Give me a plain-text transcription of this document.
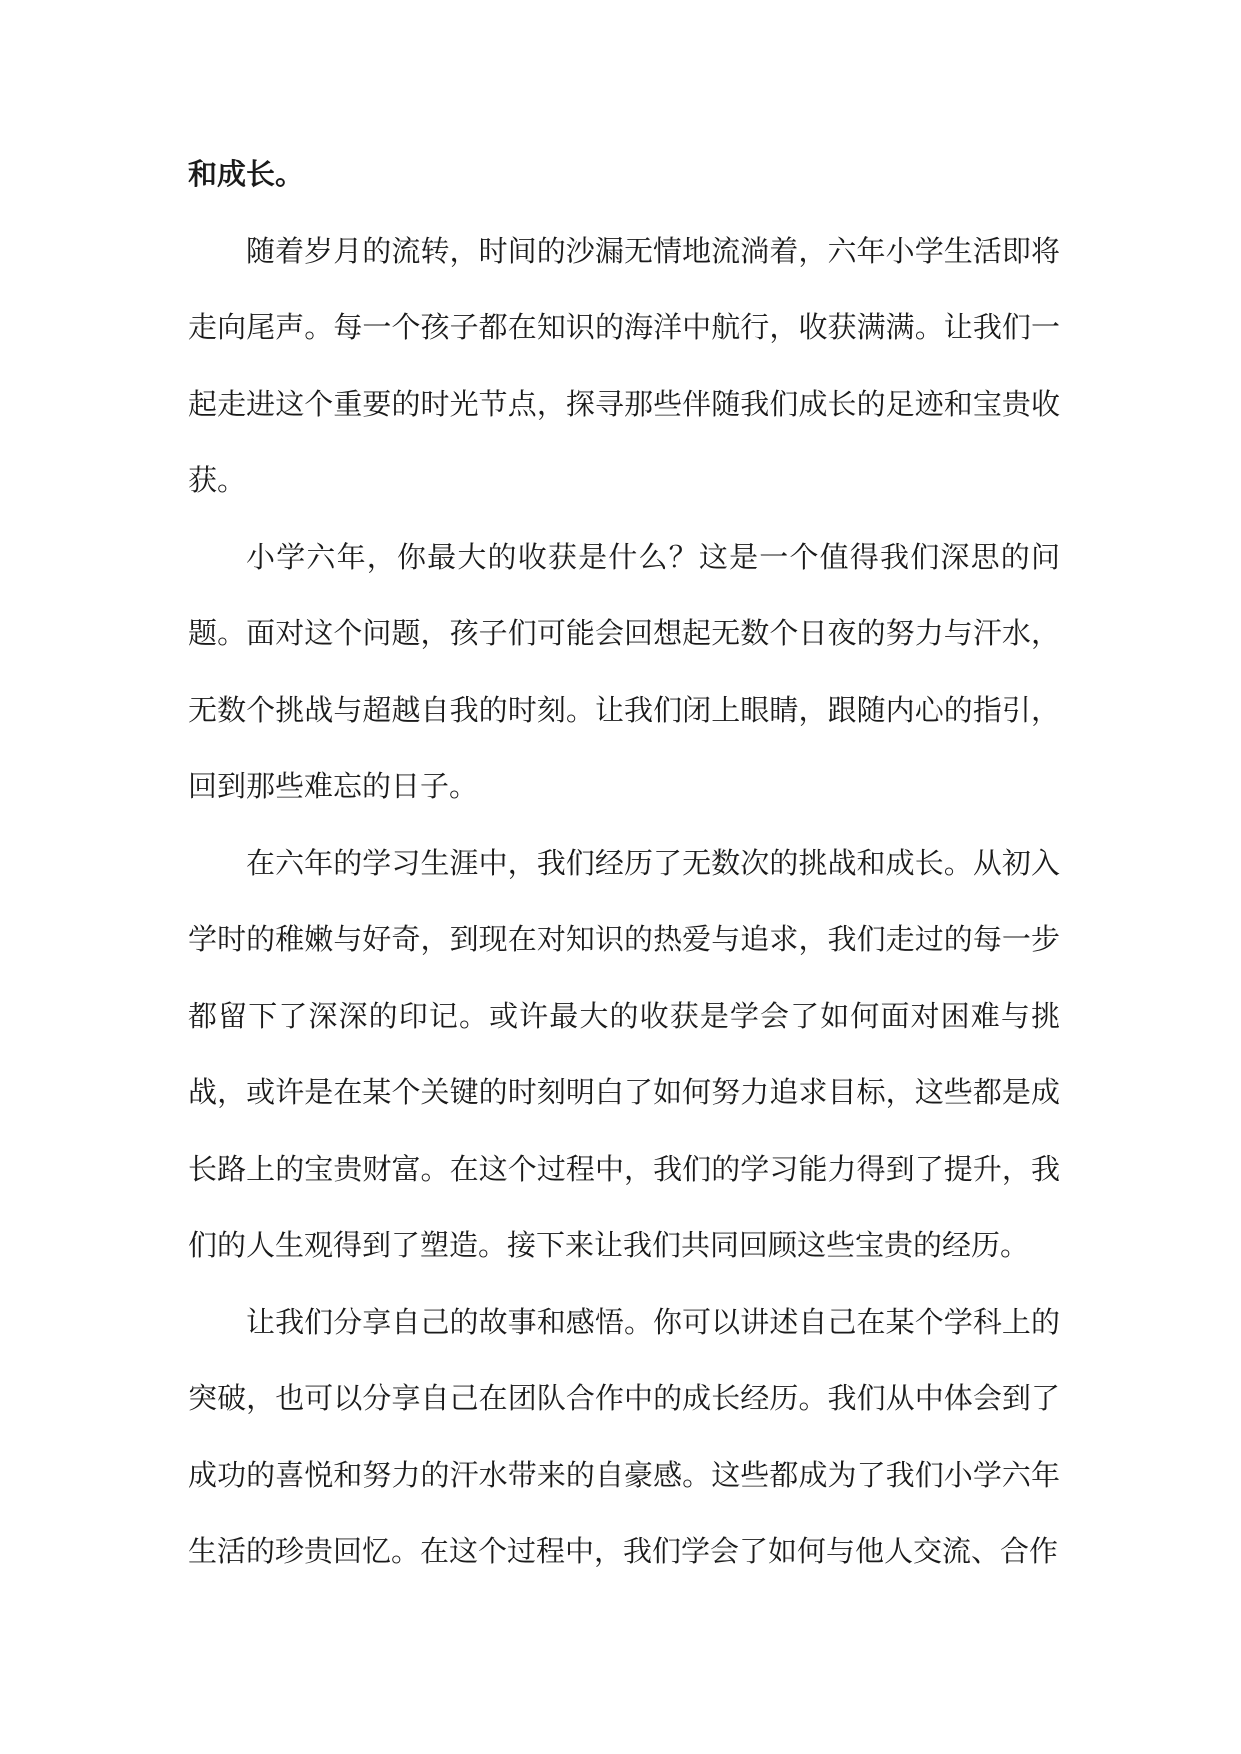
和成长。

随着岁月的流转，时间的沙漏无情地流淌着，六年小学生活即将走向尾声。每一个孩子都在知识的海洋中航行，收获满满。让我们一起走进这个重要的时光节点，探寻那些伴随我们成长的足迹和宝贵收获。

小学六年，你最大的收获是什么？这是一个值得我们深思的问题。面对这个问题，孩子们可能会回想起无数个日夜的努力与汗水，无数个挑战与超越自我的时刻。让我们闭上眼睛，跟随内心的指引，回到那些难忘的日子。

在六年的学习生涯中，我们经历了无数次的挑战和成长。从初入学时的稚嫩与好奇，到现在对知识的热爱与追求，我们走过的每一步都留下了深深的印记。或许最大的收获是学会了如何面对困难与挑战，或许是在某个关键的时刻明白了如何努力追求目标，这些都是成长路上的宝贵财富。在这个过程中，我们的学习能力得到了提升，我们的人生观得到了塑造。接下来让我们共同回顾这些宝贵的经历。

让我们分享自己的故事和感悟。你可以讲述自己在某个学科上的突破，也可以分享自己在团队合作中的成长经历。我们从中体会到了成功的喜悦和努力的汗水带来的自豪感。这些都成为了我们小学六年生活的珍贵回忆。在这个过程中，我们学会了如何与他人交流、合作
